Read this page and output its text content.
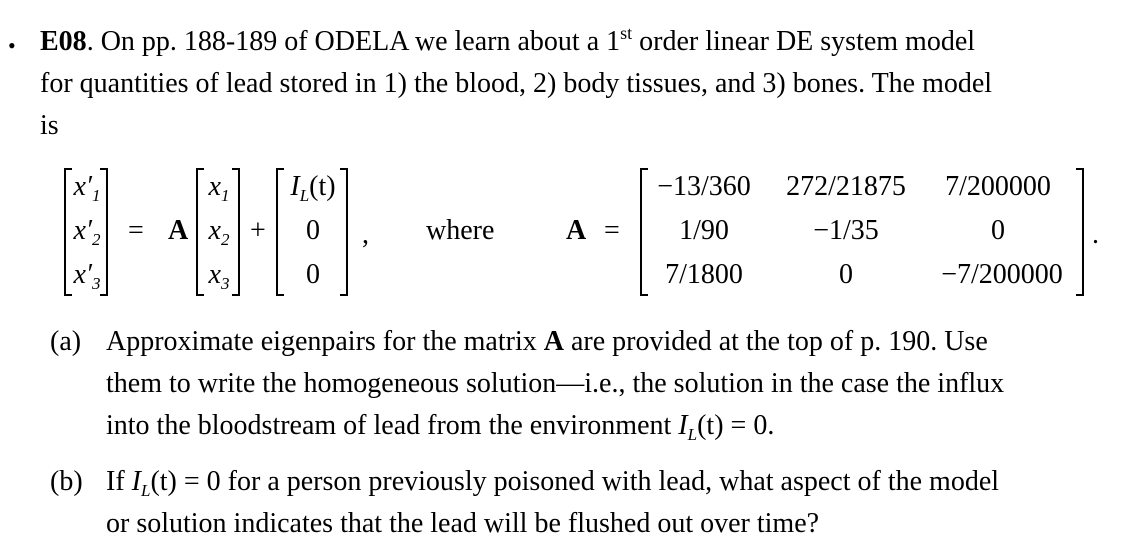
• E08. On pp. 188-189 of ODELA we learn about a 1st order linear DE system model
for quantities of lead stored in 1) the blood, 2) body tissues, and 3) bones. The model
is
$x'_1$
$x'_2$
$x'_3$
= A
$x_1$
$x_2$
$x_3$
+
$I_L(t)$
0
0
, where	A =
−13/360	272/21875	7/200000
1/90	−1/35	0
7/1800	0	−7/200000
.
(a) Approximate eigenpairs for the matrix A are provided at the top of p. 190. Use
them to write the homogeneous solution—i.e., the solution in the case the influx
into the bloodstream of lead from the environment $I_L(t) = 0$.
(b) If $I_L(t) = 0$ for a person previously poisoned with lead, what aspect of the model
or solution indicates that the lead will be flushed out over time?
